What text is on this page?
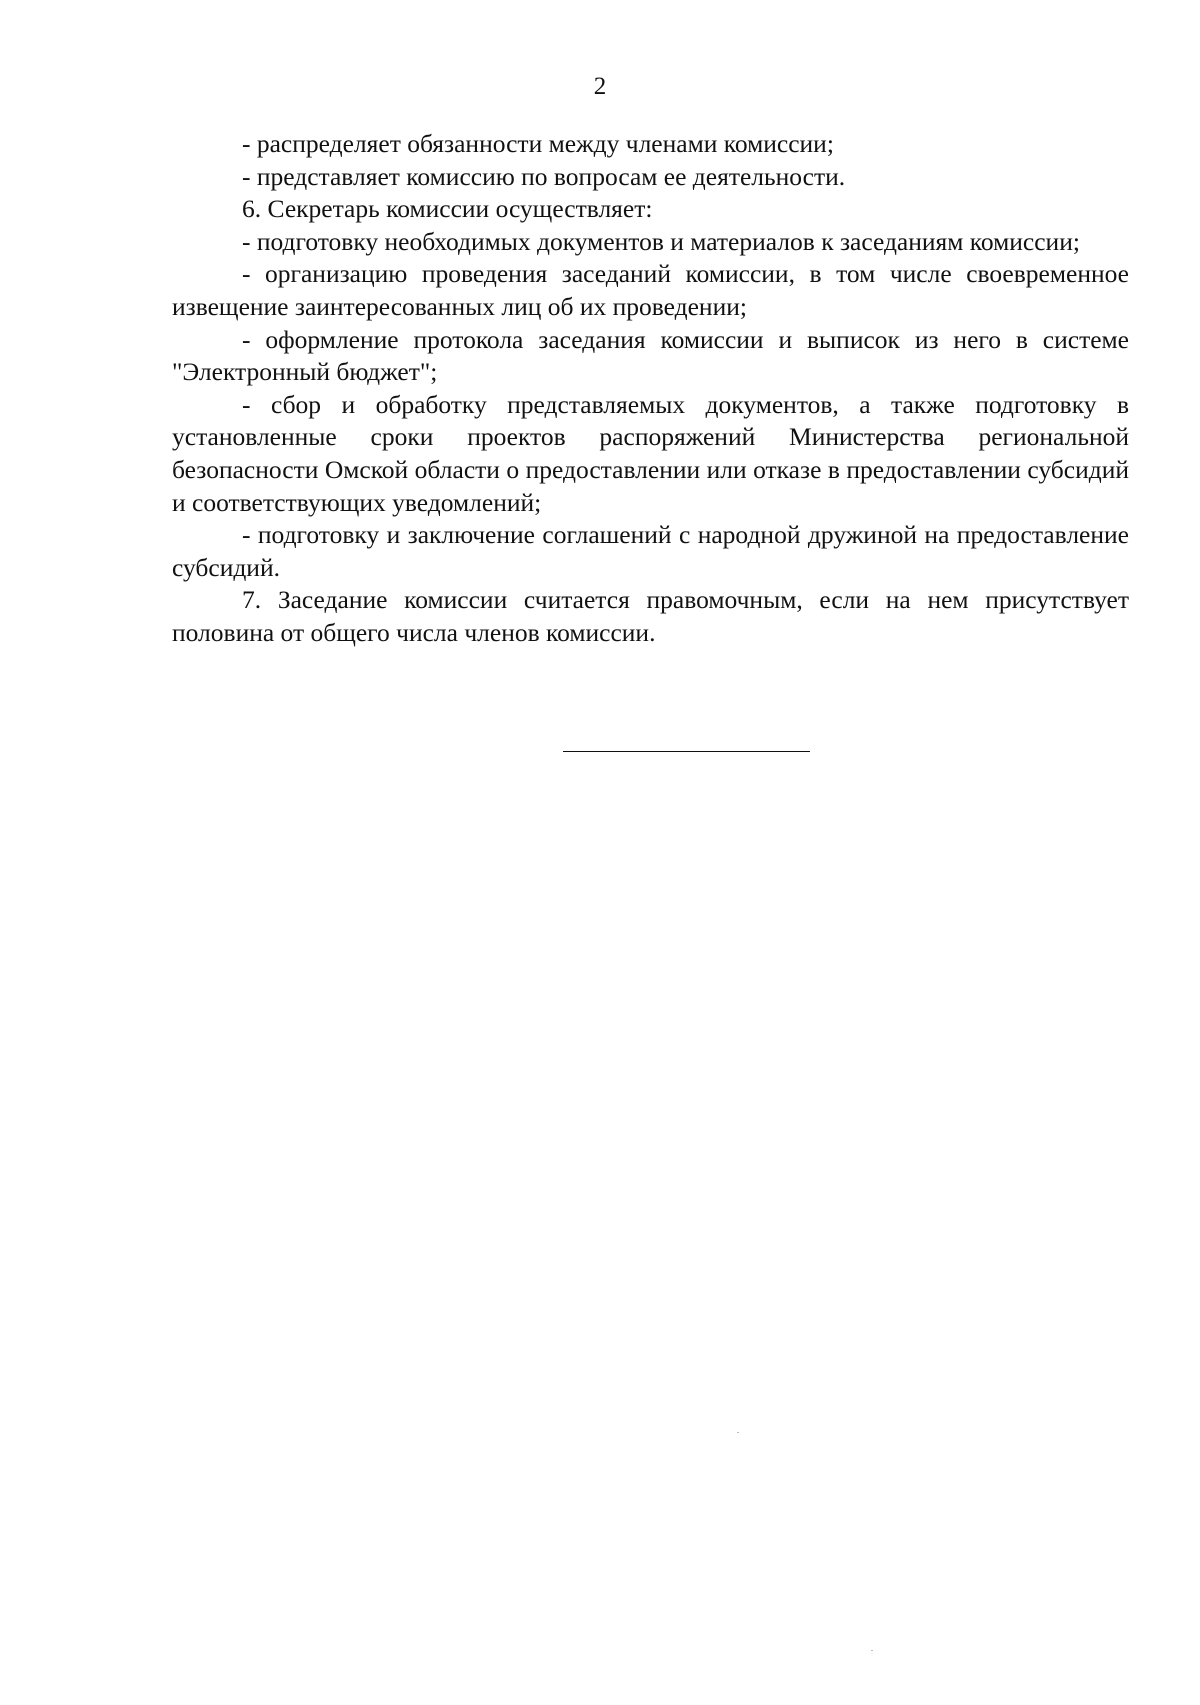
2

- распределяет обязанности между членами комиссии;

- представляет комиссию по вопросам ее деятельности.

6. Секретарь комиссии осуществляет:

- подготовку необходимых документов и материалов к заседаниям комиссии;

- организацию проведения заседаний комиссии, в том числе своевременное извещение заинтересованных лиц об их проведении;

- оформление протокола заседания комиссии и выписок из него в системе "Электронный бюджет";

- сбор и обработку представляемых документов, а также подготовку в установленные сроки проектов распоряжений Министерства региональной безопасности Омской области о предоставлении или отказе в предоставлении субсидий и соответствующих уведомлений;

- подготовку и заключение соглашений с народной дружиной на предоставление субсидий.

7. Заседание комиссии считается правомочным, если на нем присутствует половина от общего числа членов комиссии.
